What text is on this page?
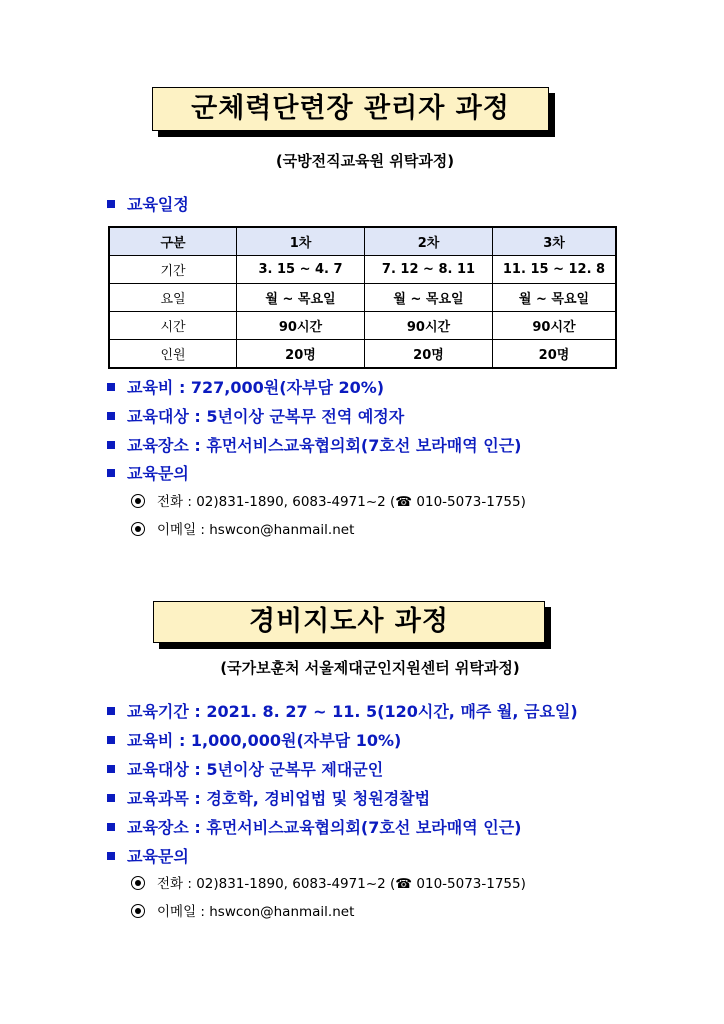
군체력단련장 관리자 과정
(국방전직교육원 위탁과정)
교육일정
구분	1차	2차	3차
기간	3. 15 ~ 4. 7	7. 12 ~ 8. 11	11. 15 ~ 12. 8
요일	월 ~ 목요일	월 ~ 목요일	월 ~ 목요일
시간	90시간	90시간	90시간
인원	20명	20명	20명
교육비 : 727,000원(자부담 20%)
교육대상 : 5년이상 군복무 전역 예정자
교육장소 : 휴먼서비스교육협의회(7호선 보라매역 인근)
교육문의
전화 : 02)831-1890, 6083-4971~2 (☎ 010-5073-1755)
이메일 : hswcon@hanmail.net
경비지도사 과정
(국가보훈처 서울제대군인지원센터 위탁과정)
교육기간 : 2021. 8. 27 ~ 11. 5(120시간, 매주 월, 금요일)
교육비 : 1,000,000원(자부담 10%)
교육대상 : 5년이상 군복무 제대군인
교육과목 : 경호학, 경비업법 및 청원경찰법
교육장소 : 휴먼서비스교육협의회(7호선 보라매역 인근)
교육문의
전화 : 02)831-1890, 6083-4971~2 (☎ 010-5073-1755)
이메일 : hswcon@hanmail.net
